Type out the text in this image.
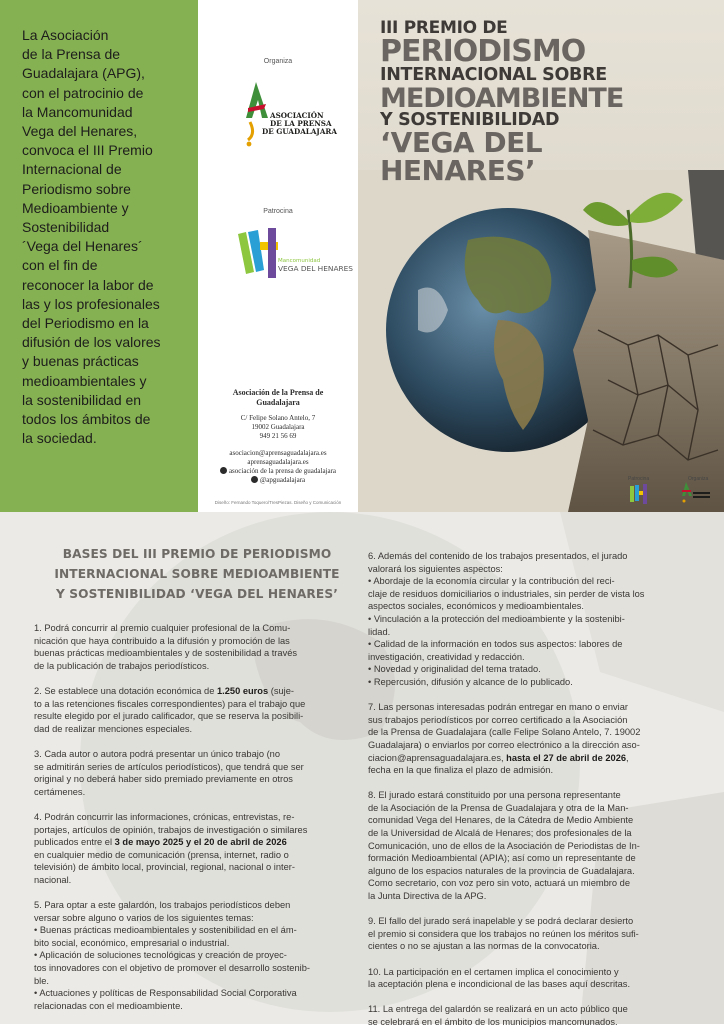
La Asociación
de la Prensa de
Guadalajara (APG),
con el patrocinio de
la Mancomunidad
Vega del Henares,
convoca el III Premio
Internacional de
Periodismo sobre
Medioambiente y
Sostenibilidad
´Vega del Henares´
con el fin de
reconocer la labor de
las y los profesionales
del Periodismo en la
difusión de los valores
y buenas prácticas
medioambientales y
la sostenibilidad en
todos los ámbitos de
la sociedad.

Organiza
ASOCIACIÓN
DE LA PRENSA
DE GUADALAJARA
Patrocina
Mancomunidad
VEGA DEL HENARES
Asociación de la Prensa de
Guadalajara
C/ Felipe Solano Antelo, 7
19002 Guadalajara
949 21 56 69
asociacion@aprensaguadalajara.es
aprensaguadalajara.es
asociación de la prensa de guadalajara
@apguadalajara
Diseño: Fernando Toquero/TresPiezas. Diseño y Comunicación
III PREMIO DE
PERIODISMO
INTERNACIONAL SOBRE
MEDIOAMBIENTE
Y SOSTENIBILIDAD
‘VEGA DEL HENARES’
Patrocina	Organiza
BASES DEL III PREMIO DE PERIODISMO
INTERNACIONAL SOBRE MEDIOAMBIENTE
Y SOSTENIBILIDAD ‘VEGA DEL HENARES’

1. Podrá concurrir al premio cualquier profesional de la Comu-
nicación que haya contribuido a la difusión y promoción de las
buenas prácticas medioambientales y de sostenibilidad a través
de la publicación de trabajos periodísticos.

2. Se establece una dotación económica de 1.250 euros (suje-
to a las retenciones fiscales correspondientes) para el trabajo que
resulte elegido por el jurado calificador, que se reserva la posibili-
dad de realizar menciones especiales.

3. Cada autor o autora podrá presentar un único trabajo (no
se admitirán series de artículos periodísticos), que tendrá que ser
original y no deberá haber sido premiado previamente en otros
certámenes.

4. Podrán concurrir las informaciones, crónicas, entrevistas, re-
portajes, artículos de opinión, trabajos de investigación o similares
publicados entre el 3 de mayo 2025 y el 20 de abril de 2026
en cualquier medio de comunicación (prensa, internet, radio o
televisión) de ámbito local, provincial, regional, nacional o inter-
nacional.

5. Para optar a este galardón, los trabajos periodísticos deben
versar sobre alguno o varios de los siguientes temas:
• Buenas prácticas medioambientales y sostenibilidad en el ám-
bito social, económico, empresarial o industrial.
• Aplicación de soluciones tecnológicas y creación de proyec-
tos innovadores con el objetivo de promover el desarrollo sostenib-
ble.
• Actuaciones y políticas de Responsabilidad Social Corporativa
relacionadas con el medioambiente.

6. Además del contenido de los trabajos presentados, el jurado
valorará los siguientes aspectos:
• Abordaje de la economía circular y la contribución del reci-
claje de residuos domiciliarios o industriales, sin perder de vista los
aspectos sociales, económicos y medioambientales.
• Vinculación a la protección del medioambiente y la sostenibi-
lidad.
• Calidad de la información en todos sus aspectos: labores de
investigación, creatividad y redacción.
• Novedad y originalidad del tema tratado.
• Repercusión, difusión y alcance de lo publicado.

7. Las personas interesadas podrán entregar en mano o enviar
sus trabajos periodísticos por correo certificado a la Asociación
de la Prensa de Guadalajara (calle Felipe Solano Antelo, 7. 19002
Guadalajara) o enviarlos por correo electrónico a la dirección aso-
ciacion@aprensaguadalajara.es, hasta el 27 de abril de 2026,
fecha en la que finaliza el plazo de admisión.

8. El jurado estará constituido por una persona representante
de la Asociación de la Prensa de Guadalajara y otra de la Man-
comunidad Vega del Henares, de la Cátedra de Medio Ambiente
de la Universidad de Alcalá de Henares; dos profesionales de la
Comunicación, uno de ellos de la Asociación de Periodistas de In-
formación Medioambiental (APIA); así como un representante de
alguno de los espacios naturales de la provincia de Guadalajara.
Como secretario, con voz pero sin voto, actuará un miembro de
la Junta Directiva de la APG.

9. El fallo del jurado será inapelable y se podrá declarar desierto
el premio si considera que los trabajos no reúnen los méritos sufi-
cientes o no se ajustan a las normas de la convocatoria.

10. La participación en el certamen implica el conocimiento y
la aceptación plena e incondicional de las bases aquí descritas.

11. La entrega del galardón se realizará en un acto público que
se celebrará en el ámbito de los municipios mancomunados.
